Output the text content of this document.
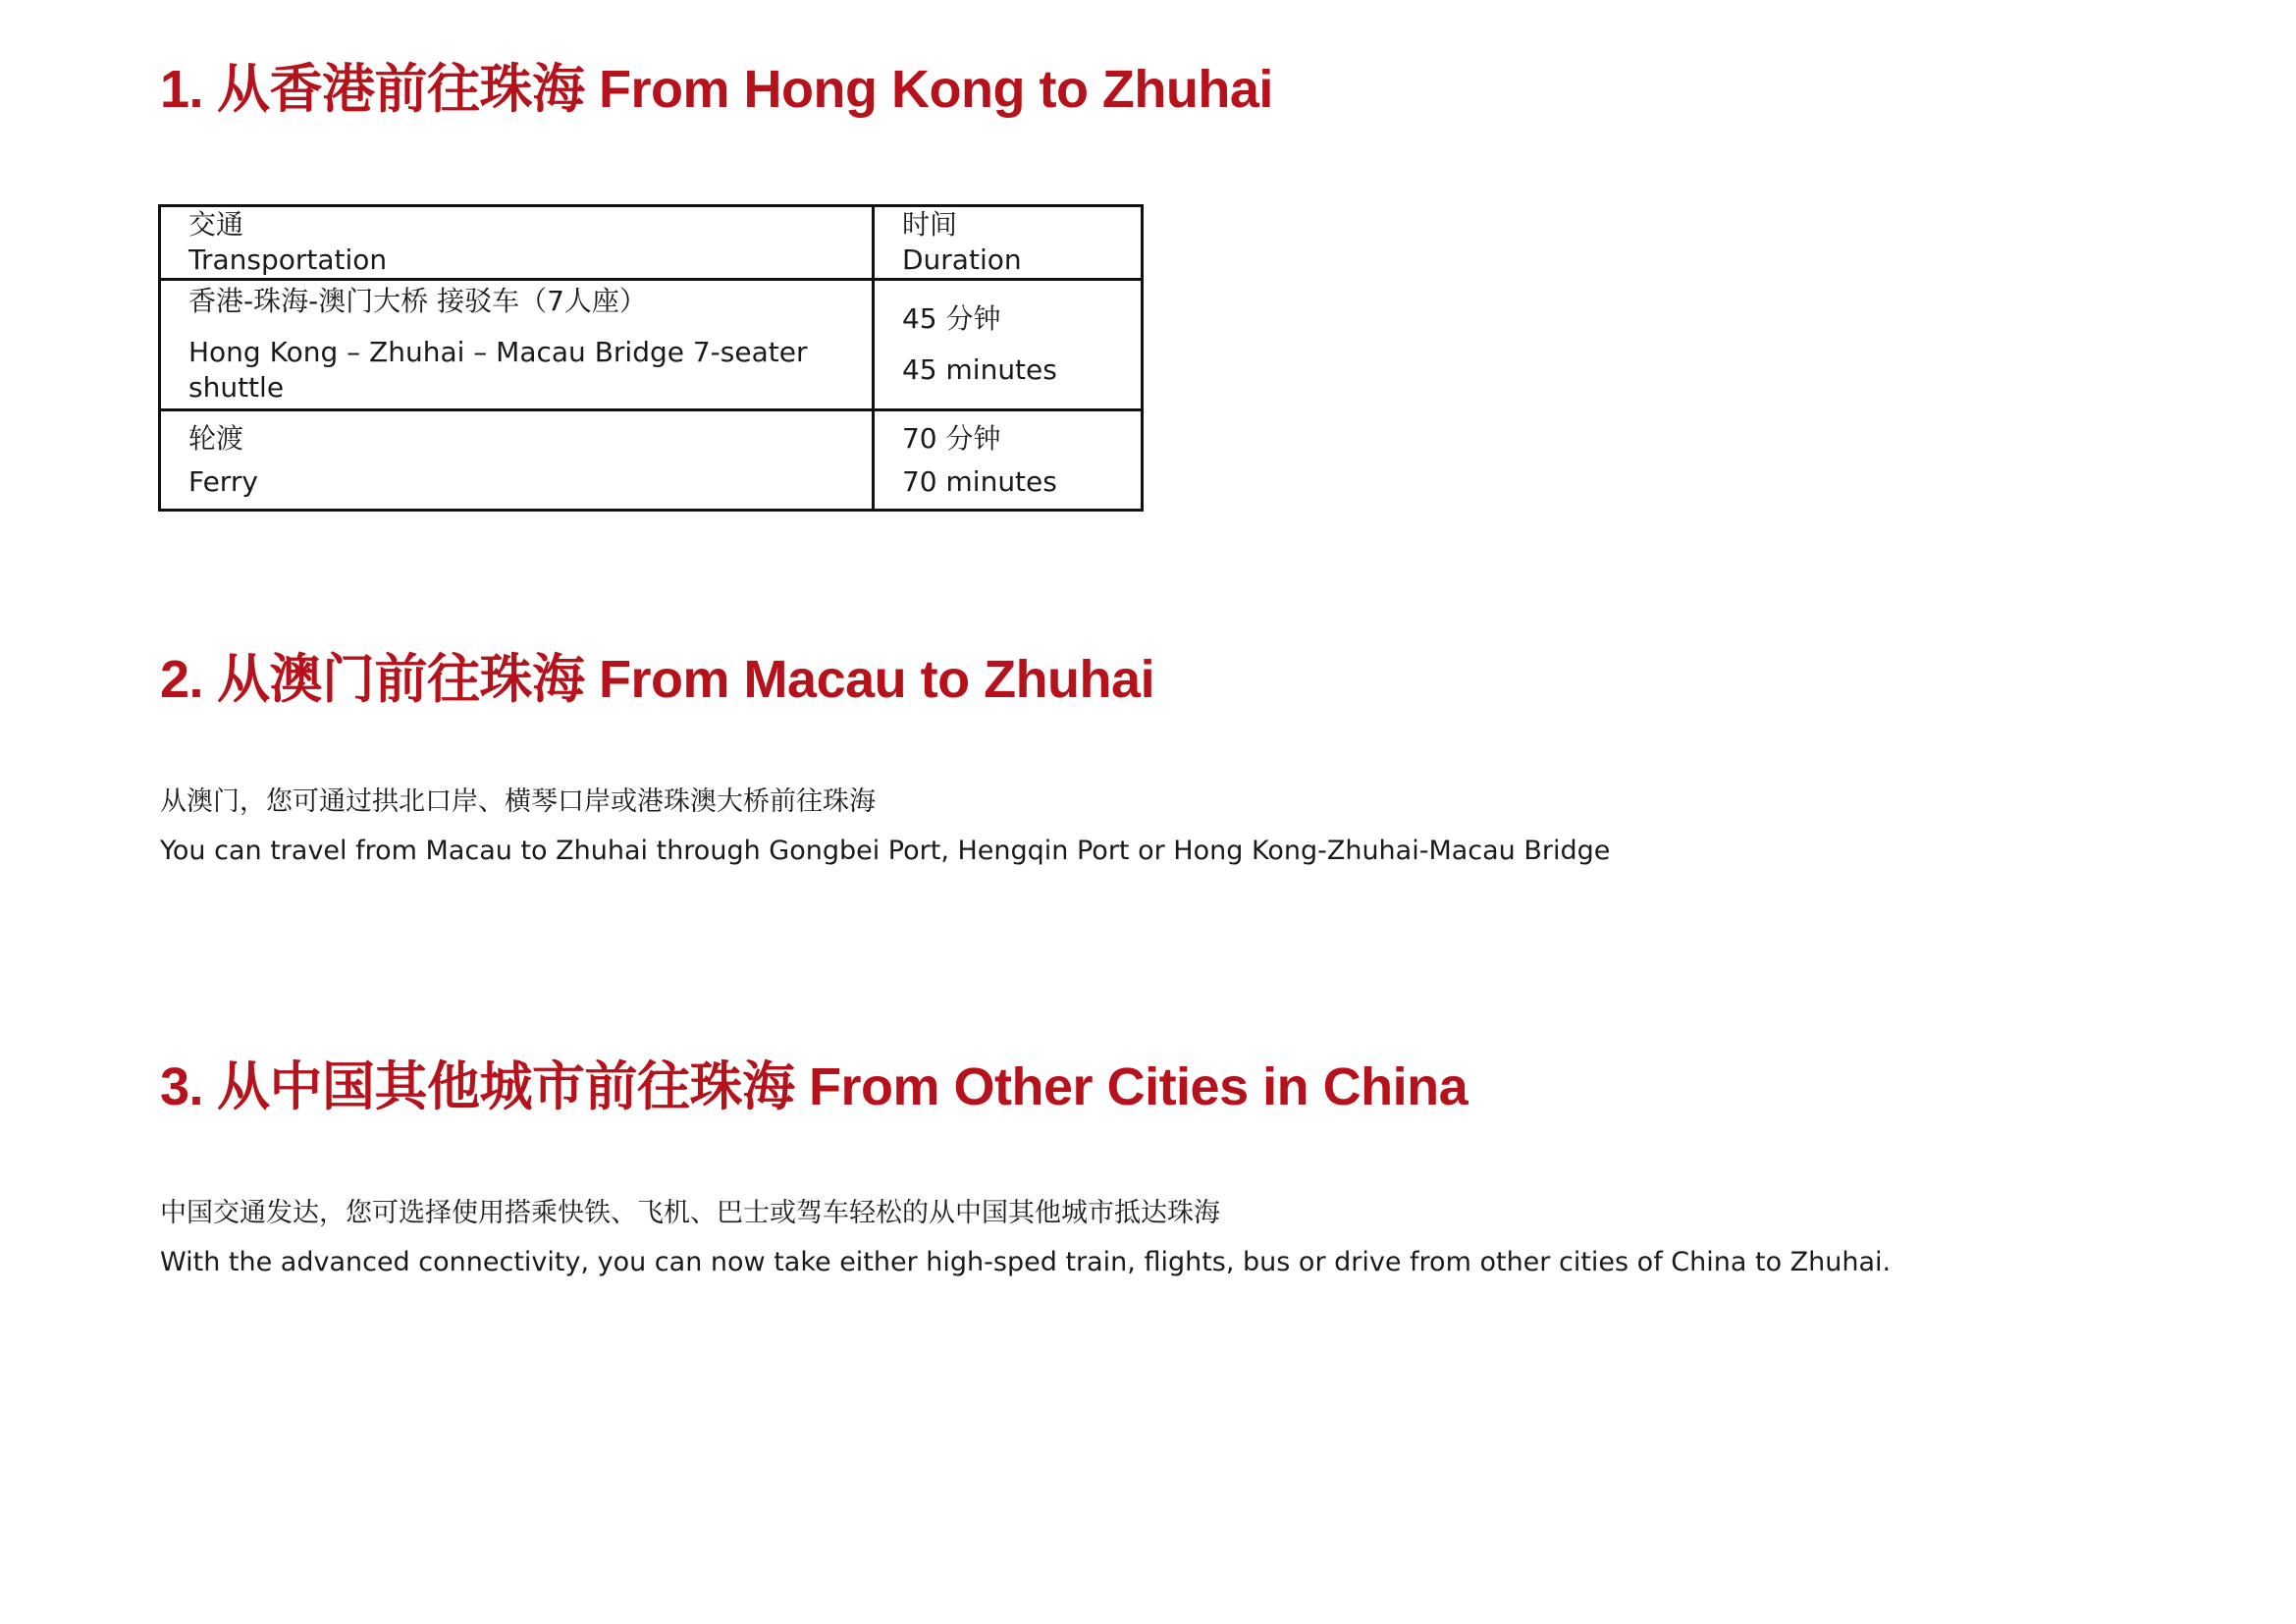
1. 从香港前往珠海 From Hong Kong to Zhuhai
交通
Transportation	时间
Duration

香港-珠海-澳门大桥 接驳车（7人座）
Hong Kong – Zhuhai – Macau Bridge 7-seater shuttle	45 分钟
45 minutes

轮渡
Ferry	70 分钟
70 minutes
2. 从澳门前往珠海 From Macau to Zhuhai

从澳门，您可通过拱北口岸、横琴口岸或港珠澳大桥前往珠海
You can travel from Macau to Zhuhai through Gongbei Port, Hengqin Port or Hong Kong-Zhuhai-Macau Bridge

3. 从中国其他城市前往珠海 From Other Cities in China

中国交通发达，您可选择使用搭乘快铁、飞机、巴士或驾车轻松的从中国其他城市抵达珠海
With the advanced connectivity, you can now take either high-sped train, flights, bus or drive from other cities of China to Zhuhai.
